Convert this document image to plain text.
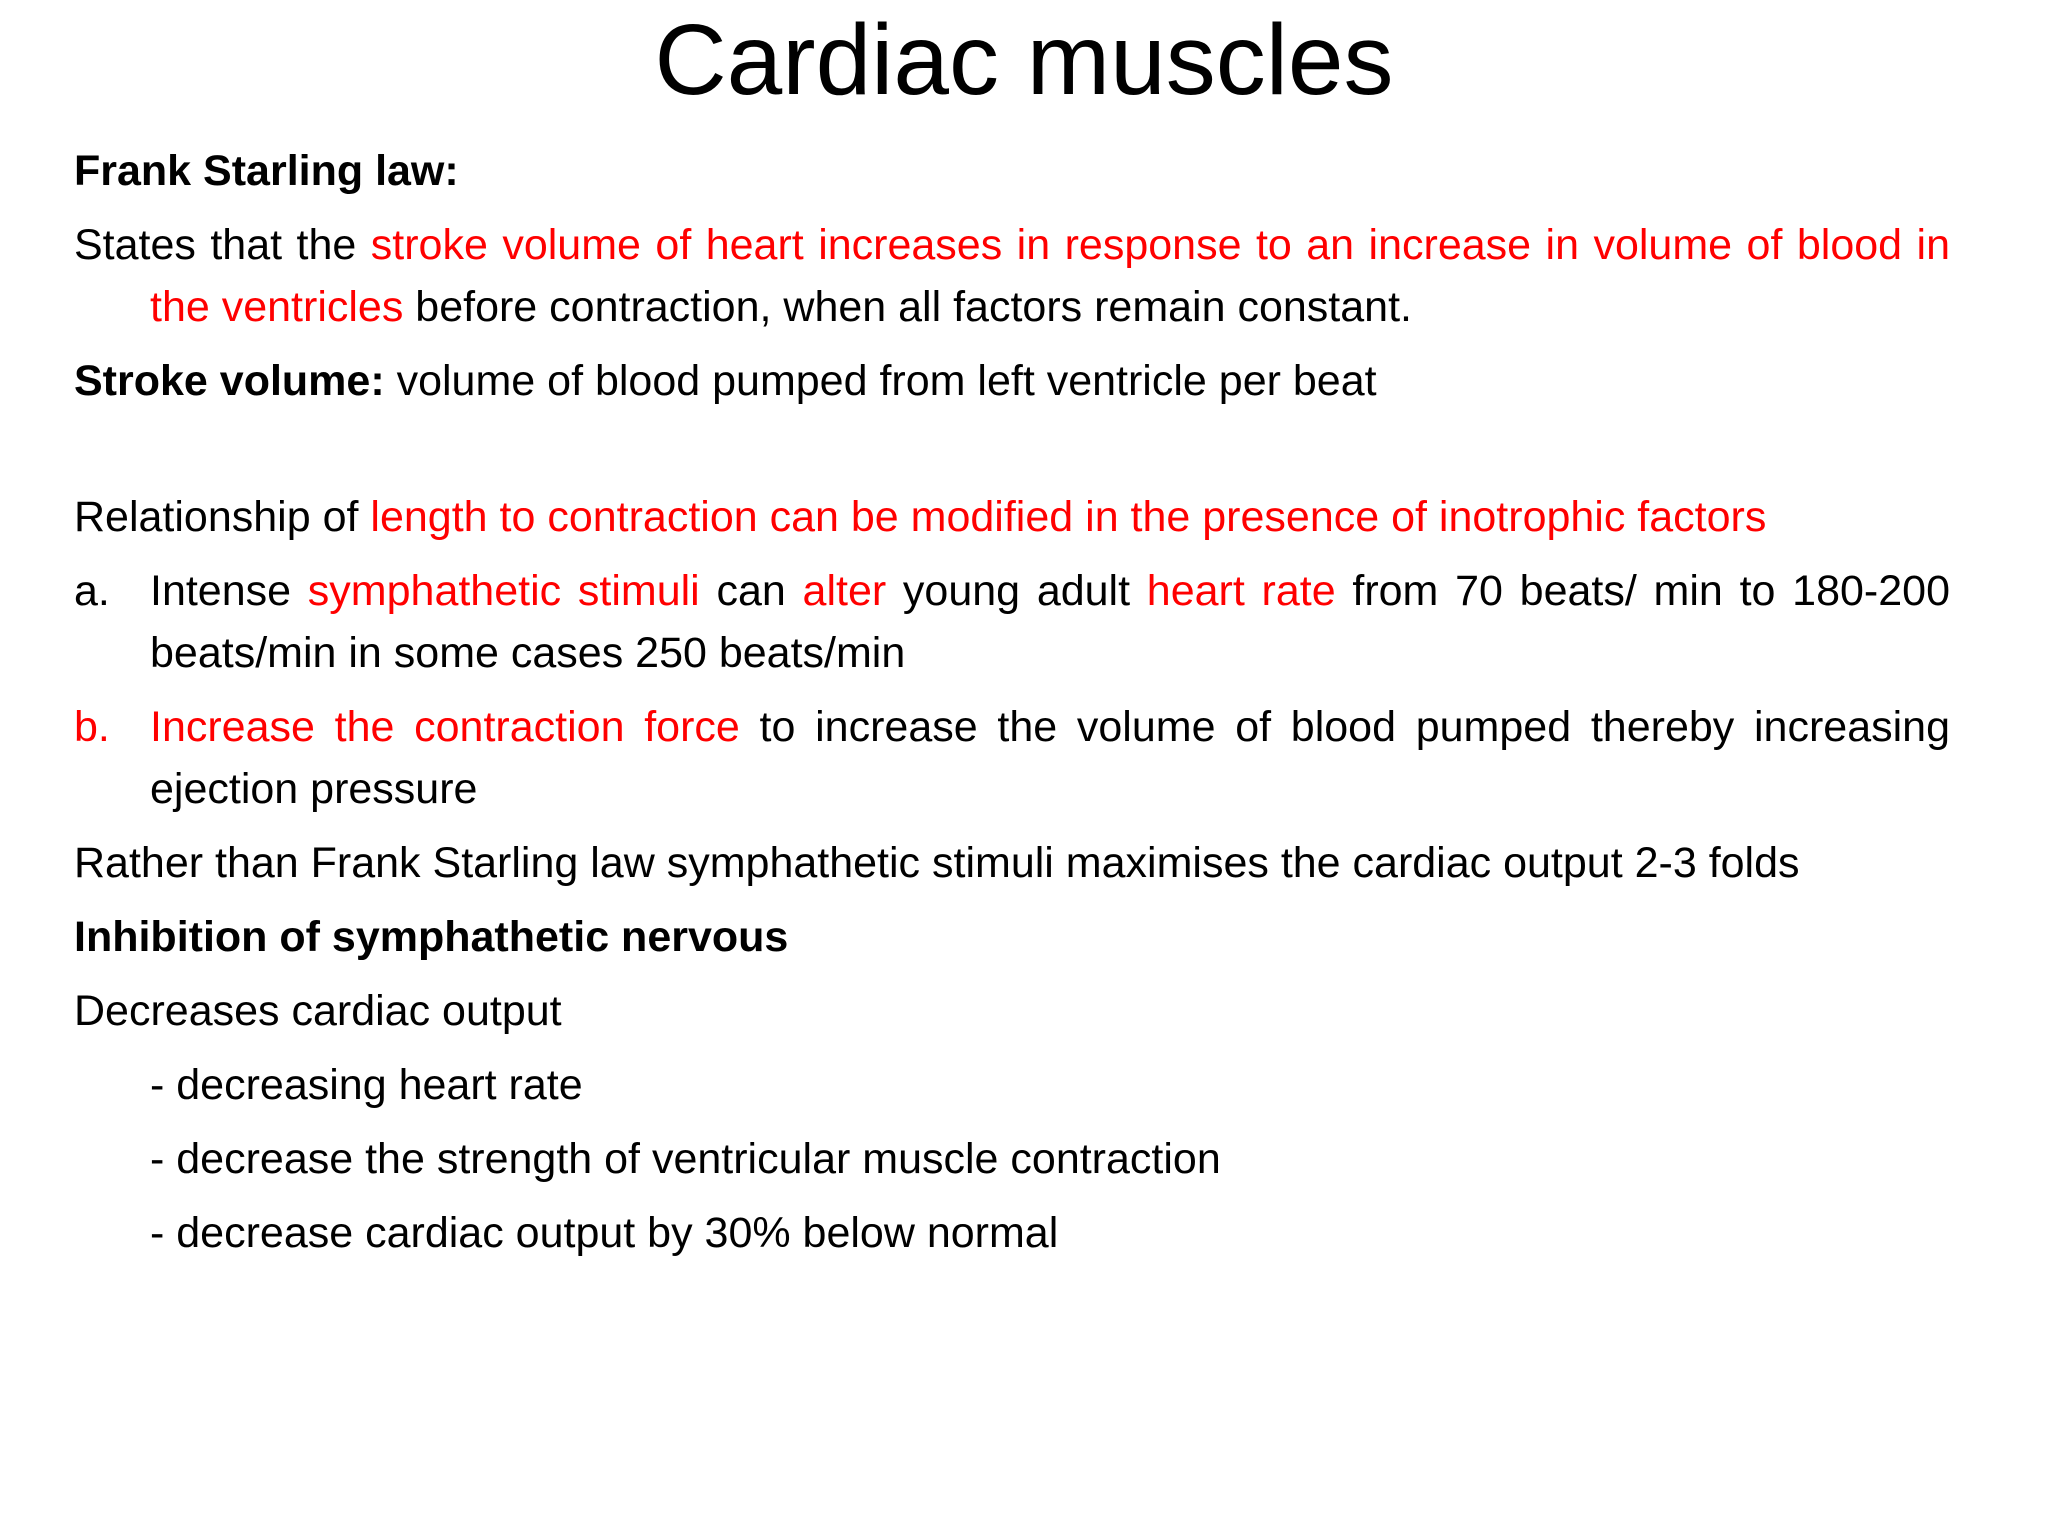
Cardiac muscles
Frank Starling law:
States that the stroke volume of heart increases in response to an increase in volume of blood in the ventricles before contraction, when all factors remain constant.
Stroke volume: volume of blood pumped from left ventricle per beat
Relationship of length to contraction can be modified in the presence of inotrophic factors
a. Intense symphathetic stimuli can alter young adult heart rate from 70 beats/ min to 180-200 beats/min in some cases 250 beats/min
b. Increase the contraction force to increase the volume of blood pumped thereby increasing ejection pressure
Rather than Frank Starling law symphathetic stimuli maximises the cardiac output 2-3 folds
Inhibition of symphathetic nervous
Decreases cardiac output
- decreasing heart rate
- decrease the strength of ventricular muscle contraction
- decrease cardiac output by 30% below normal
